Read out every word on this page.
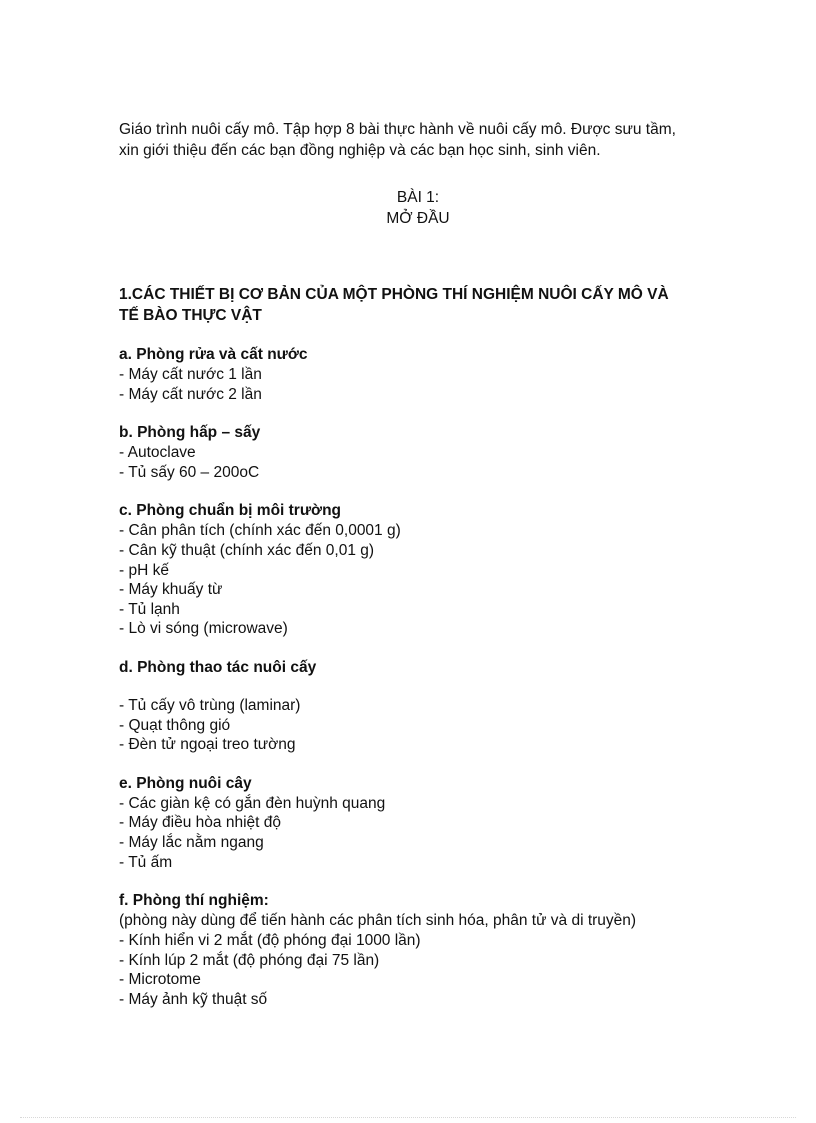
Giáo trình nuôi cấy mô. Tập hợp 8 bài thực hành về nuôi cấy mô. Được sưu tầm,
xin giới thiệu đến các bạn đồng nghiệp và các bạn học sinh, sinh viên.
BÀI 1:
MỞ ĐẦU
1.CÁC THIẾT BỊ CƠ BẢN CỦA MỘT PHÒNG THÍ NGHIỆM NUÔI CẤY MÔ VÀ
TẾ BÀO THỰC VẬT
a. Phòng rửa và cất nước
- Máy cất nước 1 lần
- Máy cất nước 2 lần
b. Phòng hấp – sấy
- Autoclave
- Tủ sấy 60 – 200oC
c. Phòng chuẩn bị môi trường
- Cân phân tích (chính xác đến 0,0001 g)
- Cân kỹ thuật (chính xác đến 0,01 g)
- pH kế
- Máy khuấy từ
- Tủ lạnh
- Lò vi sóng (microwave)
d. Phòng thao tác nuôi cấy
- Tủ cấy vô trùng (laminar)
- Quạt thông gió
- Đèn tử ngoại treo tường
e. Phòng nuôi cây
- Các giàn kệ có gắn đèn huỳnh quang
- Máy điều hòa nhiệt độ
- Máy lắc nằm ngang
- Tủ ấm
f. Phòng thí nghiệm:
(phòng này dùng để tiến hành các phân tích sinh hóa, phân tử và di truyền)
- Kính hiển vi 2 mắt (độ phóng đại 1000 lần)
- Kính lúp 2 mắt (độ phóng đại 75 lần)
- Microtome
- Máy ảnh kỹ thuật số
